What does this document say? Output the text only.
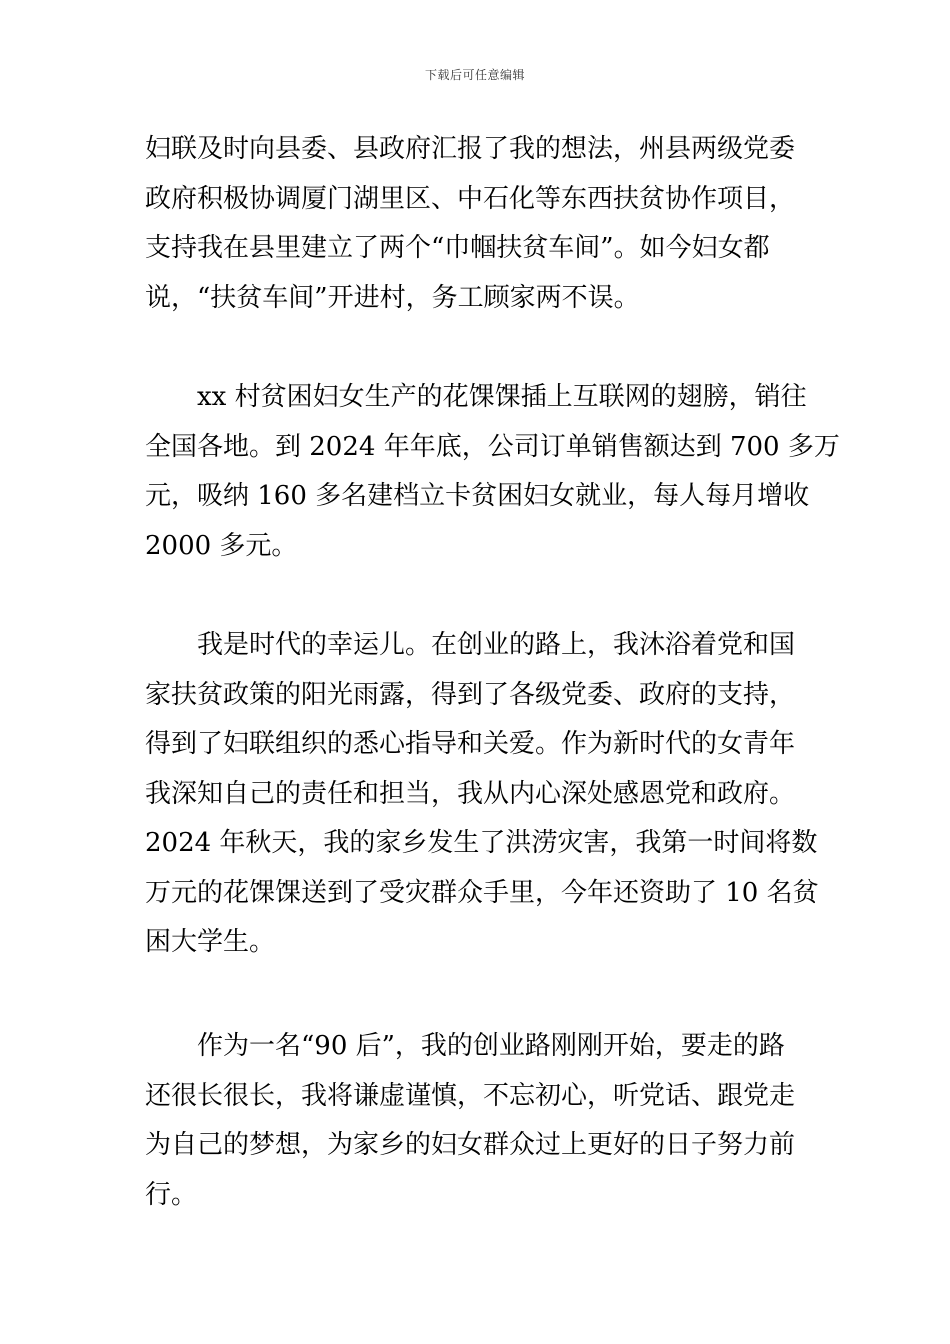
下载后可任意编辑
妇联及时向县委、县政府汇报了我的想法，州县两级党委
政府积极协调厦门湖里区、中石化等东西扶贫协作项目，
支持我在县里建立了两个“巾帼扶贫车间”。如今妇女都
说，“扶贫车间”开进村，务工顾家两不误。
xx 村贫困妇女生产的花馃馃插上互联网的翅膀，销往
全国各地。到 2024 年年底，公司订单销售额达到 700 多万
元，吸纳 160 多名建档立卡贫困妇女就业，每人每月增收
2000 多元。
我是时代的幸运儿。在创业的路上，我沐浴着党和国
家扶贫政策的阳光雨露，得到了各级党委、政府的支持，
得到了妇联组织的悉心指导和关爱。作为新时代的女青年
我深知自己的责任和担当，我从内心深处感恩党和政府。
2024 年秋天，我的家乡发生了洪涝灾害，我第一时间将数
万元的花馃馃送到了受灾群众手里，今年还资助了 10 名贫
困大学生。
作为一名“90 后”，我的创业路刚刚开始，要走的路
还很长很长，我将谦虚谨慎，不忘初心，听党话、跟党走
为自己的梦想，为家乡的妇女群众过上更好的日子努力前
行。
